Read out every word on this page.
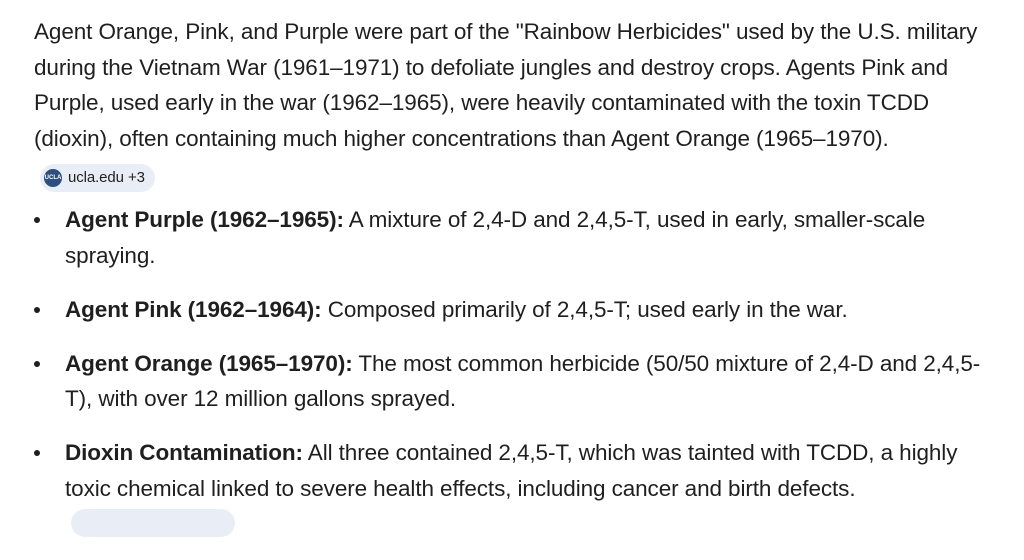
Agent Orange, Pink, and Purple were part of the "Rainbow Herbicides" used by the U.S. military during the Vietnam War (1961–1971) to defoliate jungles and destroy crops. Agents Pink and Purple, used early in the war (1962–1965), were heavily contaminated with the toxin TCDD (dioxin), often containing much higher concentrations than Agent Orange (1965–1970).
UCLA ucla.edu +3

Agent Purple (1962–1965): A mixture of 2,4-D and 2,4,5-T, used in early, smaller-scale spraying.
Agent Pink (1962–1964): Composed primarily of 2,4,5-T; used early in the war.
Agent Orange (1965–1970): The most common herbicide (50/50 mixture of 2,4-D and 2,4,5-T), with over 12 million gallons sprayed.
Dioxin Contamination: All three contained 2,4,5-T, which was tainted with TCDD, a highly toxic chemical linked to severe health effects, including cancer and birth defects.
